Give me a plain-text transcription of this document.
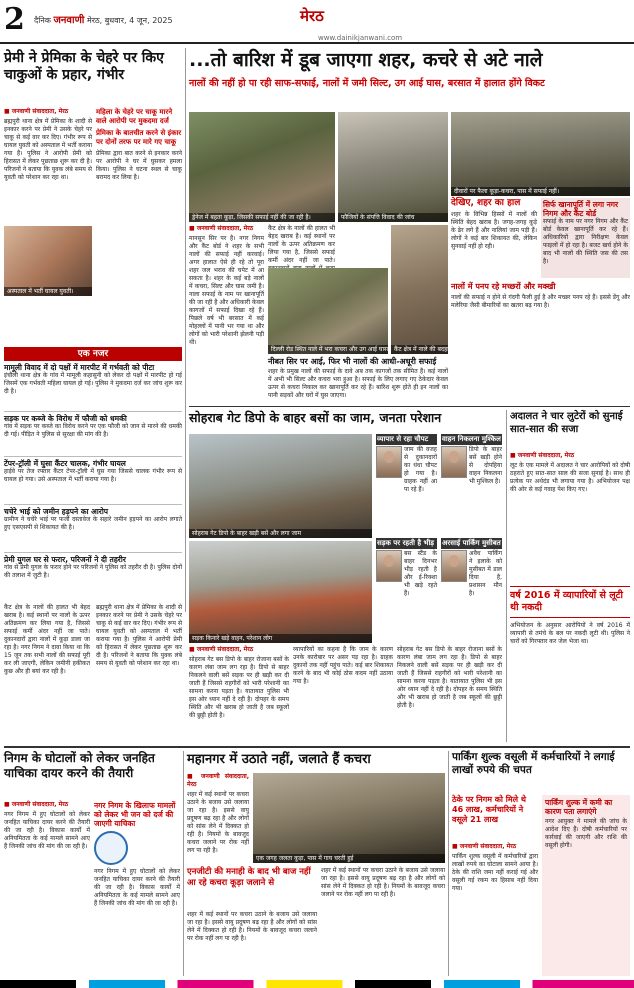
2 दैनिक जनवाणी मेरठ, बुधवार, 4 जून, 2025	मेरठ
www.dainikjanwani.com
प्रेमी ने प्रेमिका के चेहरे पर किए चाकुओं के प्रहार, गंभीर
■ जनवाणी संवाददाता, मेरठ
ब्रह्मपुरी थाना क्षेत्र में प्रेमिका के शादी से इनकार करने पर प्रेमी ने उसके चेहरे पर चाकू से कई वार कर दिए। गंभीर रूप से घायल युवती को अस्पताल में भर्ती कराया गया है। पुलिस ने आरोपी प्रेमी को हिरासत में लेकर पूछताछ शुरू कर दी है। परिजनों ने बताया कि युवक लंबे समय से युवती को परेशान कर रहा था।
महिला के चेहरे पर चाकू मारने वाले आरोपी पर मुकदमा दर्ज
प्रेमिका के बातचीत करने से इंकार पर दोनों तरफ पर मारे गए चाकू
प्रेमिका द्वारा बात करने से इनकार करने पर आरोपी ने घर में घुसकर हमला किया। पुलिस ने घटना स्थल से चाकू बरामद कर लिया है।
अस्पताल में भर्ती घायल युवती।
एक नजर
मामूली विवाद में दो पक्षों में मारपीट में गर्भवती को पीटा
इंचौली थाना क्षेत्र के गांव में मामूली कहासुनी को लेकर दो पक्षों में मारपीट हो गई जिसमें एक गर्भवती महिला घायल हो गई। पुलिस ने मुकदमा दर्ज कर जांच शुरू कर दी है।
सड़क पर कब्जे के विरोध में फौजी को धमकी
गांव में सड़क पर कब्जे का विरोध करने पर एक फौजी को जान से मारने की धमकी दी गई। पीड़ित ने पुलिस से सुरक्षा की मांग की है।
टेंपर-ट्रॉली में घुसा कैंटर चालक, गंभीर घायल
हाईवे पर तेज रफ्तार कैंटर टेंपर-ट्रॉली में घुस गया जिससे चालक गंभीर रूप से घायल हो गया। उसे अस्पताल में भर्ती कराया गया है।
चचेरे भाई को जमीन हड़पने का आरोप
ग्रामीण ने चचेरे भाई पर फर्जी दस्तावेज के सहारे जमीन हड़पने का आरोप लगाते हुए एसएसपी से शिकायत की है।
प्रेमी युगल घर से फरार, परिजनों ने दी तहरीर
गांव से प्रेमी युगल के फरार होने पर परिजनों ने पुलिस को तहरीर दी है। पुलिस दोनों की तलाश में जुटी है।
...तो बारिश में डूब जाएगा शहर, कचरे से अटे नाले
नालों की नहीं हो पा रही साफ-सफाई, नालों में जमी सिल्ट, उग आई घास, बरसात में हालात होंगे विकट
ड्रेनेज में बहता कूड़ा, जिसकी सफाई नहीं की जा रही है।	फौजियों के संपत्ति विवाद की जांच
दीवारों पर फैला कूड़ा-कचरा, पास में सफाई नहीं।
■ जनवाणी संवाददाता, मेरठ
मानसून सिर पर है। नगर निगम और कैंट बोर्ड ने शहर के सभी नालों की सफाई नहीं करवाई। अगर हालात ऐसे ही रहे तो पूरा शहर जल भराव की चपेट में आ सकता है। शहर के कई बड़े नालों में कचरा, सिल्ट और घास जमी है। नाला सफाई के नाम पर खानापूर्ति की जा रही है और अधिकारी केवल कागजों में सफाई दिखा रहे हैं। पिछले वर्ष भी बरसात में कई मोहल्लों में पानी भर गया था और लोगों को भारी परेशानी झेलनी पड़ी थी।
कैंट क्षेत्र के नालों की हालत भी बेहद खराब है। कई स्थानों पर नालों के ऊपर अतिक्रमण कर लिया गया है, जिससे सफाई कर्मी अंदर नहीं जा पाते।
दिल्ली रोड स्थित नाले में भरा कचरा और उग आई घास। कैंट क्षेत्र में नाले की बदहाली।
नीबत सिर पर आई, फिर भी नालों की आधी-अधूरी सफाई
शहर के प्रमुख नालों की सफाई के दावे अब तक कागजों तक सीमित हैं। कई नालों में अभी भी सिल्ट और कचरा भरा हुआ है। सफाई के लिए लगाए गए ठेकेदार केवल ऊपर से कचरा निकाल कर खानापूर्ति कर रहे हैं। बारिश शुरू होते ही इन नालों का पानी सड़कों और घरों में घुस जाएगा।
देखिए, शहर का हाल
शहर के विभिन्न हिस्सों में नालों की स्थिति बेहद खराब है। जगह-जगह कूड़े के ढेर लगे हैं और नालियां जाम पड़ी हैं। लोगों ने कई बार शिकायत की, लेकिन सुनवाई नहीं हो रही।
सिर्फ खानापूर्ति में लगा नगर निगम और कैंट बोर्ड
सफाई के नाम पर नगर निगम और कैंट बोर्ड केवल खानापूर्ति कर रहे हैं। अधिकारियों द्वारा निरीक्षण केवल फाइलों में हो रहा है। बजट खर्च होने के बाद भी नालों की स्थिति जस की तस है।
नालों में पनप रहे मच्छरों और मक्खी
नालों की सफाई न होने से गंदगी फैली हुई है और मच्छर पनप रहे हैं। इससे डेंगू और मलेरिया जैसी बीमारियों का खतरा बढ़ गया है।
सोहराब गेट डिपो के बाहर बसों का जाम, जनता परेशान
सोहराब गेट डिपो के बाहर खड़ी बसें और लगा जाम
सड़क किनारे खड़े वाहन, परेशान लोग
व्यापार से रहा चौपट
जाम की वजह से दुकानदारों का धंधा चौपट हो गया है। ग्राहक नहीं आ पा रहे हैं।
वाहन निकलना मुश्किल
डिपो के बाहर बसें खड़ी होने से दोपहिया वाहन निकलना भी मुश्किल है।
सड़क पर रहती है भीड़
बस स्टैंड के बाहर दिनभर भीड़ रहती है और ई-रिक्शा भी खड़े रहते हैं।
अरसाई पार्किंग मुसीबत
अवैध पार्किंग ने इलाके को मुसीबत में डाल दिया है, प्रशासन मौन है।
■ जनवाणी संवाददाता, मेरठ
सोहराब गेट बस डिपो के बाहर रोजाना बसों के कारण लंबा जाम लग रहा है। डिपो से बाहर निकलने वाली बसें सड़क पर ही खड़ी कर दी जाती हैं जिससे राहगीरों को भारी परेशानी का सामना करना पड़ता है। यातायात पुलिस भी इस ओर ध्यान नहीं दे रही है। दोपहर के समय स्थिति और भी खराब हो जाती है जब स्कूलों की छुट्टी होती है।
व्यापारियों का कहना है कि जाम के कारण उनके कारोबार पर असर पड़ रहा है। ग्राहक दुकानों तक नहीं पहुंच पाते। कई बार शिकायत करने के बाद भी कोई ठोस कदम नहीं उठाया गया है।
सोहराब गेट बस डिपो के बाहर रोजाना बसों के कारण लंबा जाम लग रहा है। डिपो से बाहर निकलने वाली बसें सड़क पर ही खड़ी कर दी जाती हैं जिससे राहगीरों को भारी परेशानी का सामना करना पड़ता है। यातायात पुलिस भी इस ओर ध्यान नहीं दे रही है। दोपहर के समय स्थिति और भी खराब हो जाती है जब स्कूलों की छुट्टी होती है।
अदालत ने चार लुटेरों को सुनाई सात-सात की सजा
■ जनवाणी संवाददाता, मेरठ
लूट के एक मामले में अदालत ने चार आरोपियों को दोषी ठहराते हुए सात-सात साल की सजा सुनाई है। साथ ही प्रत्येक पर अर्थदंड भी लगाया गया है। अभियोजन पक्ष की ओर से कई गवाह पेश किए गए।
वर्ष 2016 में व्यापारियों से लूटी थी नकदी
अभियोजन के अनुसार आरोपियों ने वर्ष 2016 में व्यापारी से तमंचे के बल पर नकदी लूटी थी। पुलिस ने चारों को गिरफ्तार कर जेल भेजा था।
कैंट क्षेत्र के नालों की हालत भी बेहद खराब है। कई स्थानों पर नालों के ऊपर अतिक्रमण कर लिया गया है, जिससे सफाई कर्मी अंदर नहीं जा पाते। दुकानदारों द्वारा नालों में कूड़ा डाला जा रहा है। नगर निगम ने दावा किया था कि 15 जून तक सभी नालों की सफाई पूरी कर ली जाएगी, लेकिन जमीनी हकीकत कुछ और ही बयां कर रही है।
ब्रह्मपुरी थाना क्षेत्र में प्रेमिका के शादी से इनकार करने पर प्रेमी ने उसके चेहरे पर चाकू से कई वार कर दिए। गंभीर रूप से घायल युवती को अस्पताल में भर्ती कराया गया है। पुलिस ने आरोपी प्रेमी को हिरासत में लेकर पूछताछ शुरू कर दी है। परिजनों ने बताया कि युवक लंबे समय से युवती को परेशान कर रहा था।
निगम के घोटालों को लेकर जनहित याचिका दायर करने की तैयारी
■ जनवाणी संवाददाता, मेरठ
नगर निगम में हुए घोटालों को लेकर जनहित याचिका दायर करने की तैयारी की जा रही है। विकास कार्यों में अनियमितता के कई मामले सामने आए हैं जिनकी जांच की मांग की जा रही है।
नगर निगम के खिलाफ मामलों को लेकर भी जन को दर्ज की जाएगी याचिका
नगर निगम में हुए घोटालों को लेकर जनहित याचिका दायर करने की तैयारी की जा रही है। विकास कार्यों में अनियमितता के कई मामले सामने आए हैं जिनकी जांच की मांग की जा रही है।
महानगर में उठाते नहीं, जलाते हैं कचरा
■ जनवाणी संवाददाता, मेरठ
शहर में कई स्थानों पर कचरा उठाने के बजाय उसे जलाया जा रहा है। इससे वायु प्रदूषण बढ़ रहा है और लोगों को सांस लेने में दिक्कत हो रही है। नियमों के बावजूद कचरा जलाने पर रोक नहीं लग पा रही है।
एक जगह जलता कूड़ा, पास में गाय चरती हुई
एनजीटी की मनाही के बाद भी बाज नहीं आ रहे कचरा कूड़ा जलाने से
शहर में कई स्थानों पर कचरा उठाने के बजाय उसे जलाया जा रहा है। इससे वायु प्रदूषण बढ़ रहा है और लोगों को सांस लेने में दिक्कत हो रही है। नियमों के बावजूद कचरा जलाने पर रोक नहीं लग पा रही है।
शहर में कई स्थानों पर कचरा उठाने के बजाय उसे जलाया जा रहा है। इससे वायु प्रदूषण बढ़ रहा है और लोगों को सांस लेने में दिक्कत हो रही है। नियमों के बावजूद कचरा जलाने पर रोक नहीं लग पा रही है।
पार्किंग शुल्क वसूली में कर्मचारियों ने लगाई लाखों रुपये की चपत
ठेके पर निगम को मिले थे 46 लाख, कर्मचारियों ने वसूले 21 लाख
■ जनवाणी संवाददाता, मेरठ
पार्किंग शुल्क वसूली में कर्मचारियों द्वारा लाखों रुपये का घोटाला सामने आया है। ठेके की राशि जमा नहीं कराई गई और वसूली गई रकम का हिसाब नहीं दिया गया।
पार्किंग शुल्क में कमी का कारण पता लगाएंगे
नगर आयुक्त ने मामले की जांच के आदेश दिए हैं। दोषी कर्मचारियों पर कार्रवाई की जाएगी और राशि की वसूली होगी।
